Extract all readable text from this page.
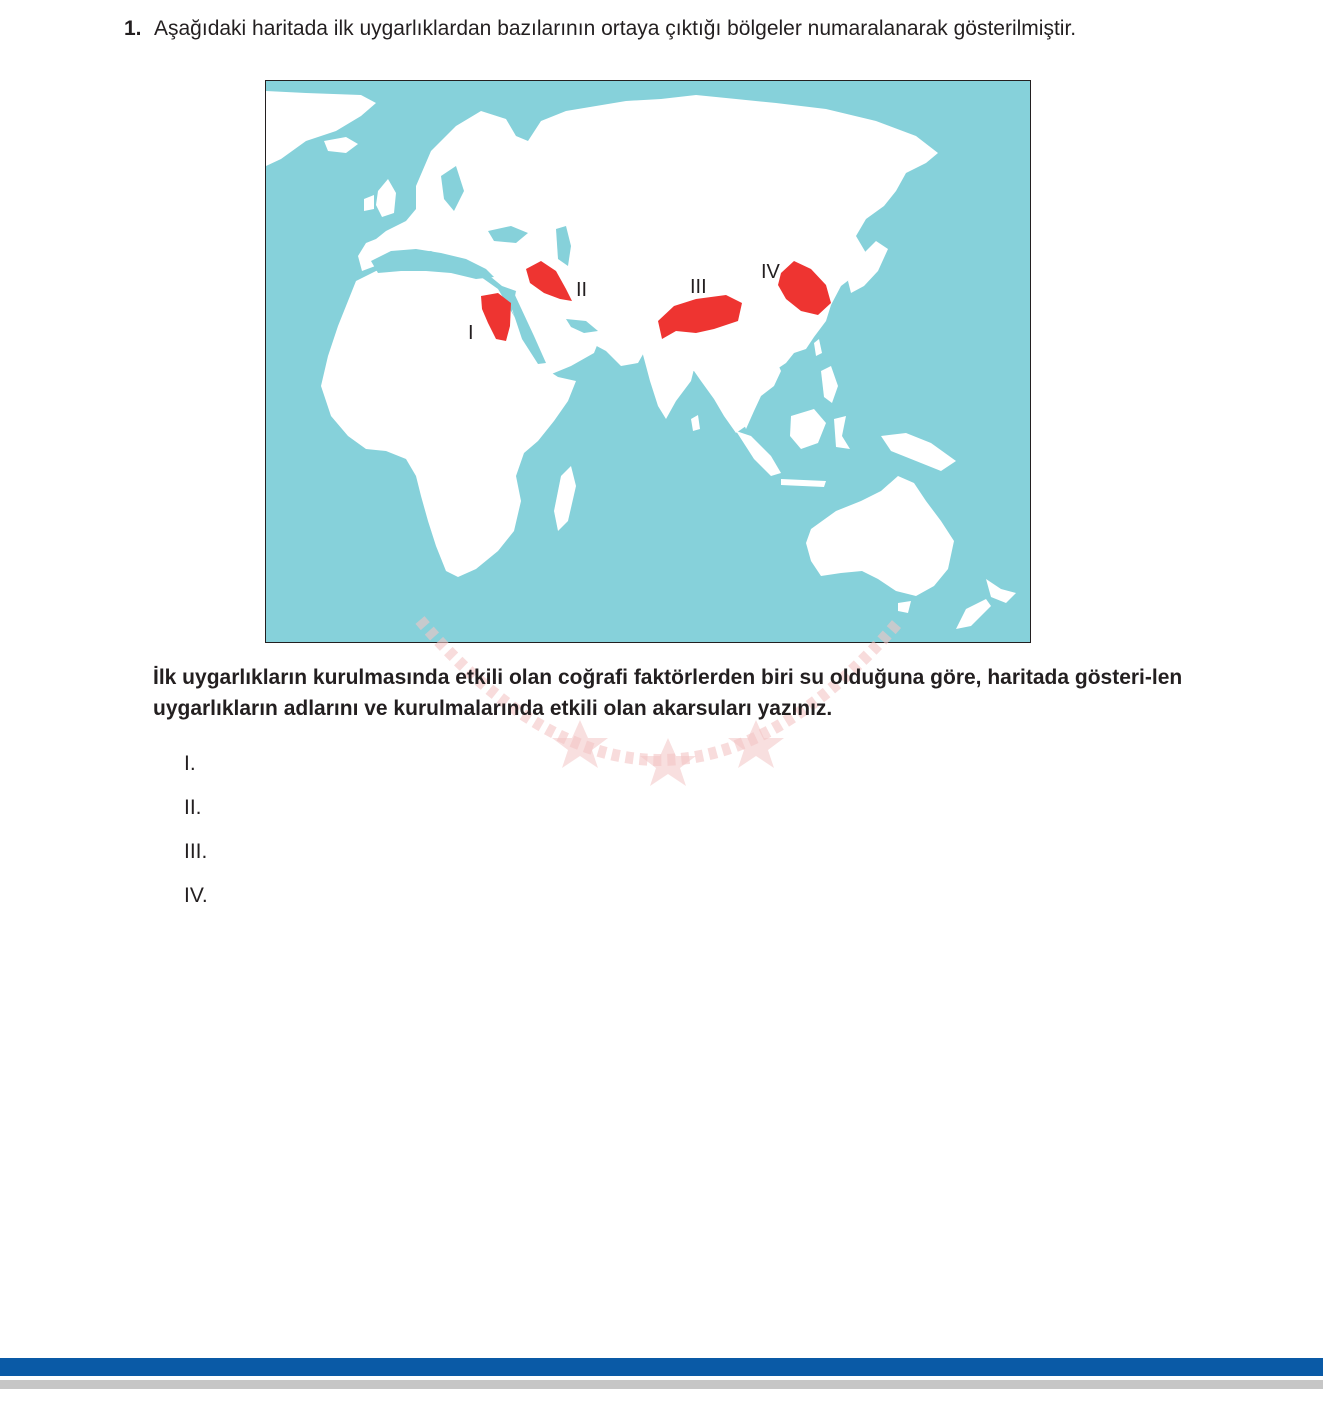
1. Aşağıdaki haritada ilk uygarlıklardan bazılarının ortaya çıktığı bölgeler numaralanarak gösterilmiştir.
I
II	III
IV
İlk uygarlıkların kurulmasında etkili olan coğrafi faktörlerden biri su olduğuna göre, haritada gösteri-len uygarlıkların adlarını ve kurulmalarında etkili olan akarsuları yazınız.
I.
II.
III.
IV.
